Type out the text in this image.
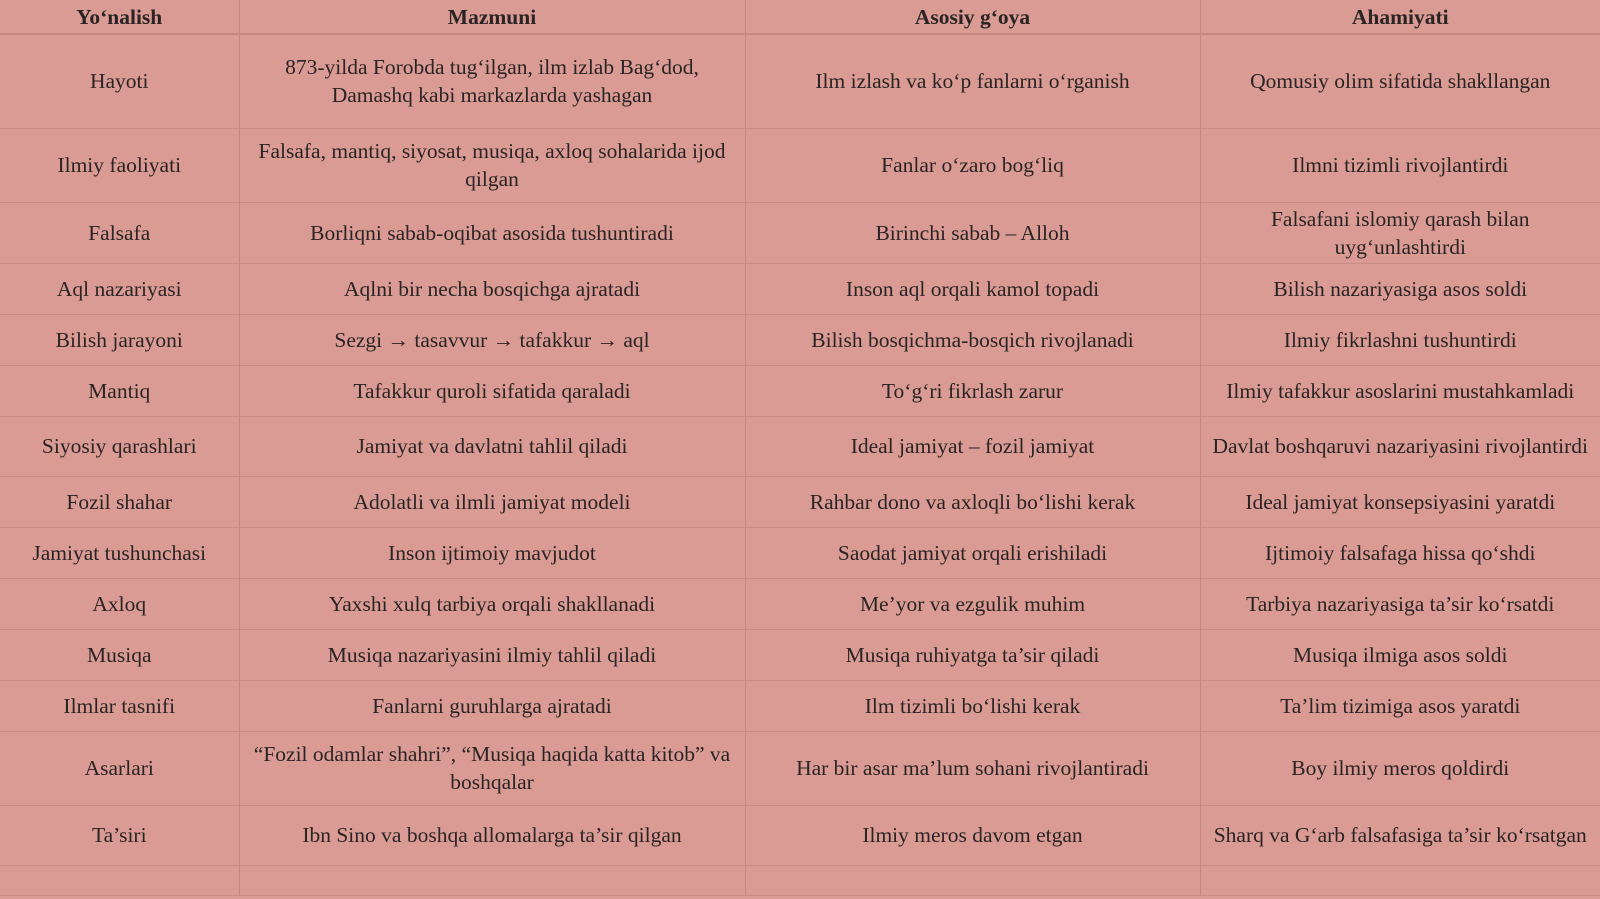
Yo‘nalish	Mazmuni	Asosiy g‘oya	Ahamiyati
Hayoti	873-yilda Forobda tug‘ilgan, ilm izlab Bag‘dod, Damashq kabi markazlarda yashagan	Ilm izlash va ko‘p fanlarni o‘rganish	Qomusiy olim sifatida shakllangan
Ilmiy faoliyati	Falsafa, mantiq, siyosat, musiqa, axloq sohalarida ijod qilgan	Fanlar o‘zaro bog‘liq	Ilmni tizimli rivojlantirdi
Falsafa	Borliqni sabab-oqibat asosida tushuntiradi	Birinchi sabab – Alloh	Falsafani islomiy qarash bilan uyg‘unlashtirdi
Aql nazariyasi	Aqlni bir necha bosqichga ajratadi	Inson aql orqali kamol topadi	Bilish nazariyasiga asos soldi
Bilish jarayoni	Sezgi → tasavvur → tafakkur → aql	Bilish bosqichma-bosqich rivojlanadi	Ilmiy fikrlashni tushuntirdi
Mantiq	Tafakkur quroli sifatida qaraladi	To‘g‘ri fikrlash zarur	Ilmiy tafakkur asoslarini mustahkamladi
Siyosiy qarashlari	Jamiyat va davlatni tahlil qiladi	Ideal jamiyat – fozil jamiyat	Davlat boshqaruvi nazariyasini rivojlantirdi
Fozil shahar	Adolatli va ilmli jamiyat modeli	Rahbar dono va axloqli bo‘lishi kerak	Ideal jamiyat konsepsiyasini yaratdi
Jamiyat tushunchasi	Inson ijtimoiy mavjudot	Saodat jamiyat orqali erishiladi	Ijtimoiy falsafaga hissa qo‘shdi
Axloq	Yaxshi xulq tarbiya orqali shakllanadi	Me’yor va ezgulik muhim	Tarbiya nazariyasiga ta’sir ko‘rsatdi
Musiqa	Musiqa nazariyasini ilmiy tahlil qiladi	Musiqa ruhiyatga ta’sir qiladi	Musiqa ilmiga asos soldi
Ilmlar tasnifi	Fanlarni guruhlarga ajratadi	Ilm tizimli bo‘lishi kerak	Ta’lim tizimiga asos yaratdi
Asarlari	“Fozil odamlar shahri”, “Musiqa haqida katta kitob” va boshqalar	Har bir asar ma’lum sohani rivojlantiradi	Boy ilmiy meros qoldirdi
Ta’siri	Ibn Sino va boshqa allomalarga ta’sir qilgan	Ilmiy meros davom etgan	Sharq va G‘arb falsafasiga ta’sir ko‘rsatgan
